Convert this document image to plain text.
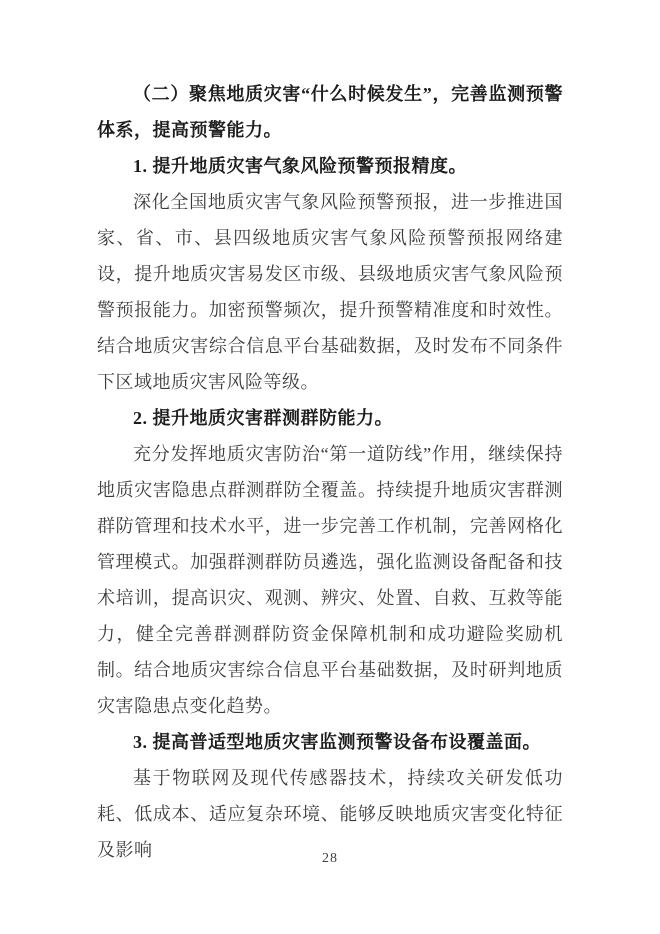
（二）聚焦地质灾害“什么时候发生”，完善监测预警体系，提高预警能力。

1. 提升地质灾害气象风险预警预报精度。

深化全国地质灾害气象风险预警预报，进一步推进国家、省、市、县四级地质灾害气象风险预警预报网络建设，提升地质灾害易发区市级、县级地质灾害气象风险预警预报能力。加密预警频次，提升预警精准度和时效性。结合地质灾害综合信息平台基础数据，及时发布不同条件下区域地质灾害风险等级。

2. 提升地质灾害群测群防能力。

充分发挥地质灾害防治“第一道防线”作用，继续保持地质灾害隐患点群测群防全覆盖。持续提升地质灾害群测群防管理和技术水平，进一步完善工作机制，完善网格化管理模式。加强群测群防员遴选，强化监测设备配备和技术培训，提高识灾、观测、辨灾、处置、自救、互救等能力，健全完善群测群防资金保障机制和成功避险奖励机制。结合地质灾害综合信息平台基础数据，及时研判地质灾害隐患点变化趋势。

3. 提高普适型地质灾害监测预警设备布设覆盖面。

基于物联网及现代传感器技术，持续攻关研发低功耗、低成本、适应复杂环境、能够反映地质灾害变化特征及影响	28
